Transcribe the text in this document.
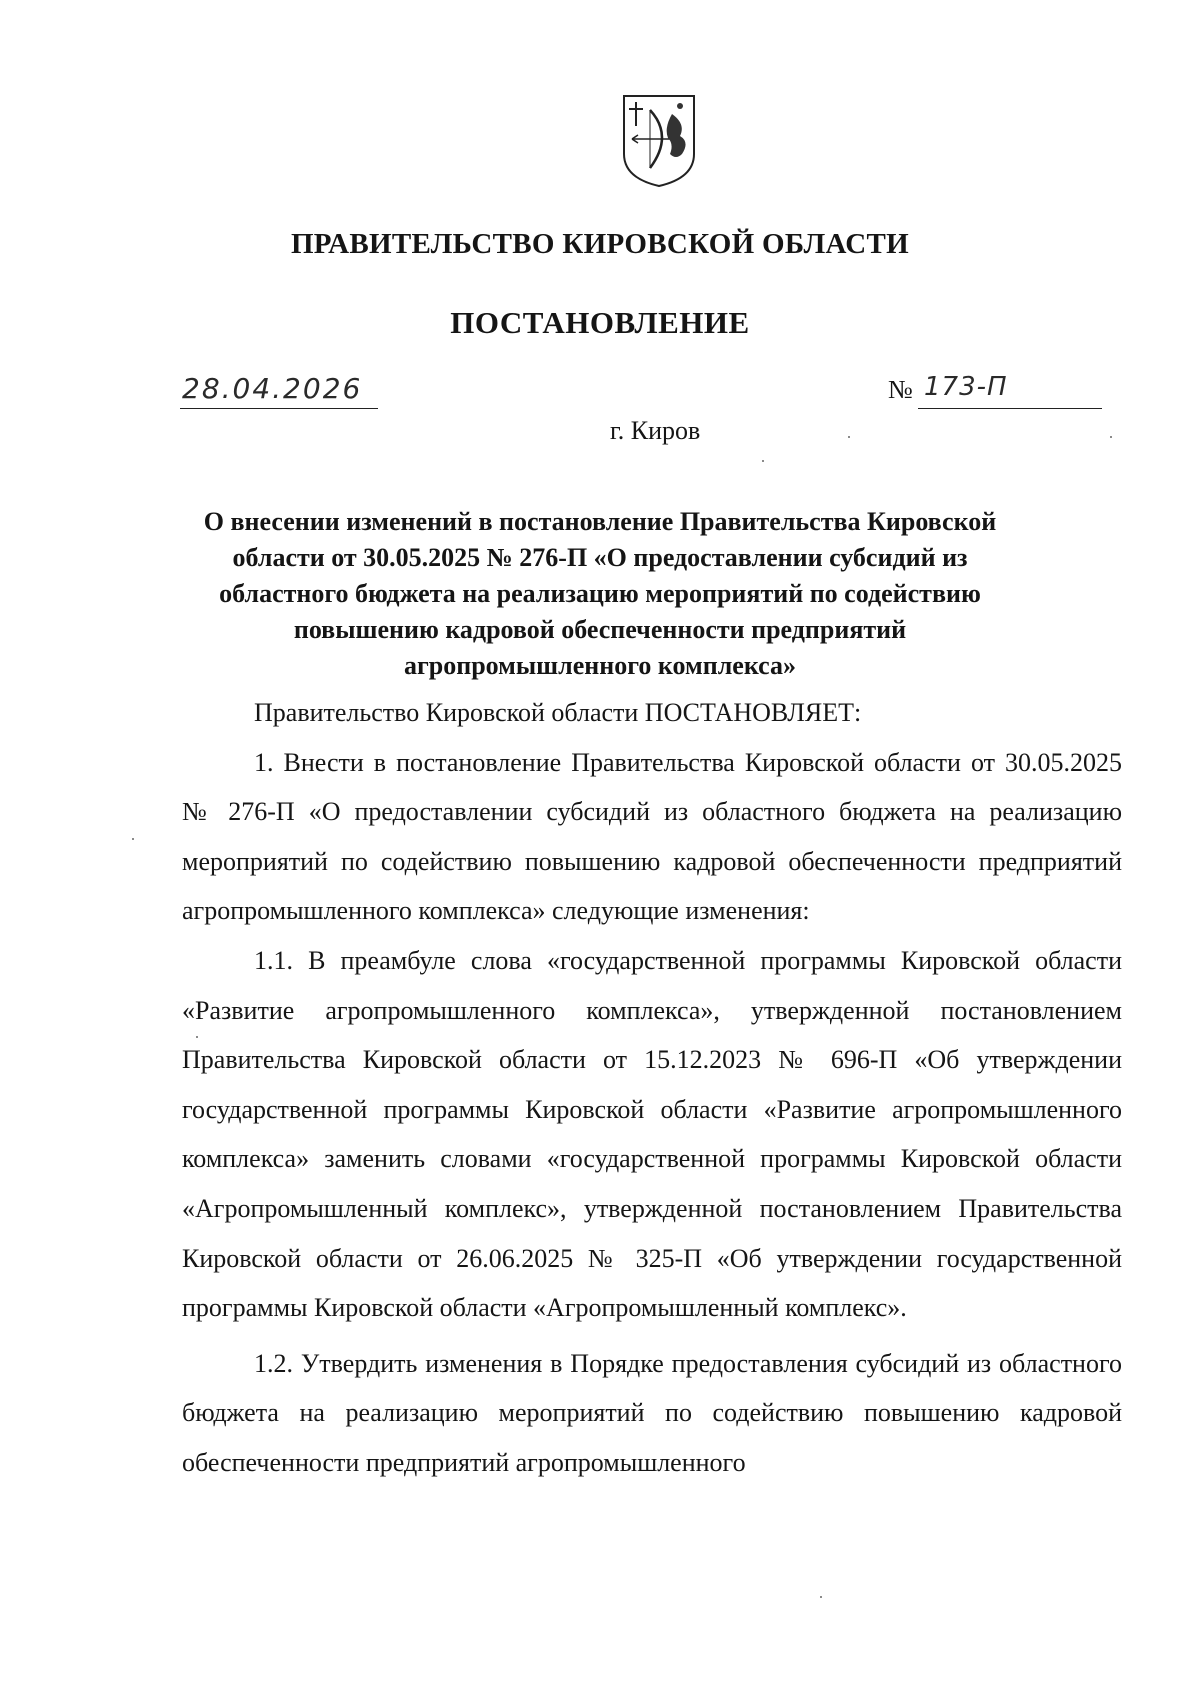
ПРАВИТЕЛЬСТВО КИРОВСКОЙ ОБЛАСТИ
ПОСТАНОВЛЕНИЕ
28.04.2026	№ 173-П
г. Киров
О внесении изменений в постановление Правительства Кировской области от 30.05.2025 № 276-П «О предоставлении субсидий из областного бюджета на реализацию мероприятий по содействию повышению кадровой обеспеченности предприятий агропромышленного комплекса»

Правительство Кировской области ПОСТАНОВЛЯЕТ:

1. Внести в постановление Правительства Кировской области от 30.05.2025 № 276-П «О предоставлении субсидий из областного бюджета на реализацию мероприятий по содействию повышению кадровой обеспеченности предприятий агропромышленного комплекса» следующие изменения:

1.1. В преамбуле слова «государственной программы Кировской области «Развитие агропромышленного комплекса», утвержденной постановлением Правительства Кировской области от 15.12.2023 № 696-П «Об утверждении государственной программы Кировской области «Развитие агропромышленного комплекса» заменить словами «государственной программы Кировской области «Агропромышленный комплекс», утвержденной постановлением Правительства Кировской области от 26.06.2025 № 325-П «Об утверждении государственной программы Кировской области «Агропромышленный комплекс».

1.2. Утвердить изменения в Порядке предоставления субсидий из областного бюджета на реализацию мероприятий по содействию повышению кадровой обеспеченности предприятий агропромышленного
